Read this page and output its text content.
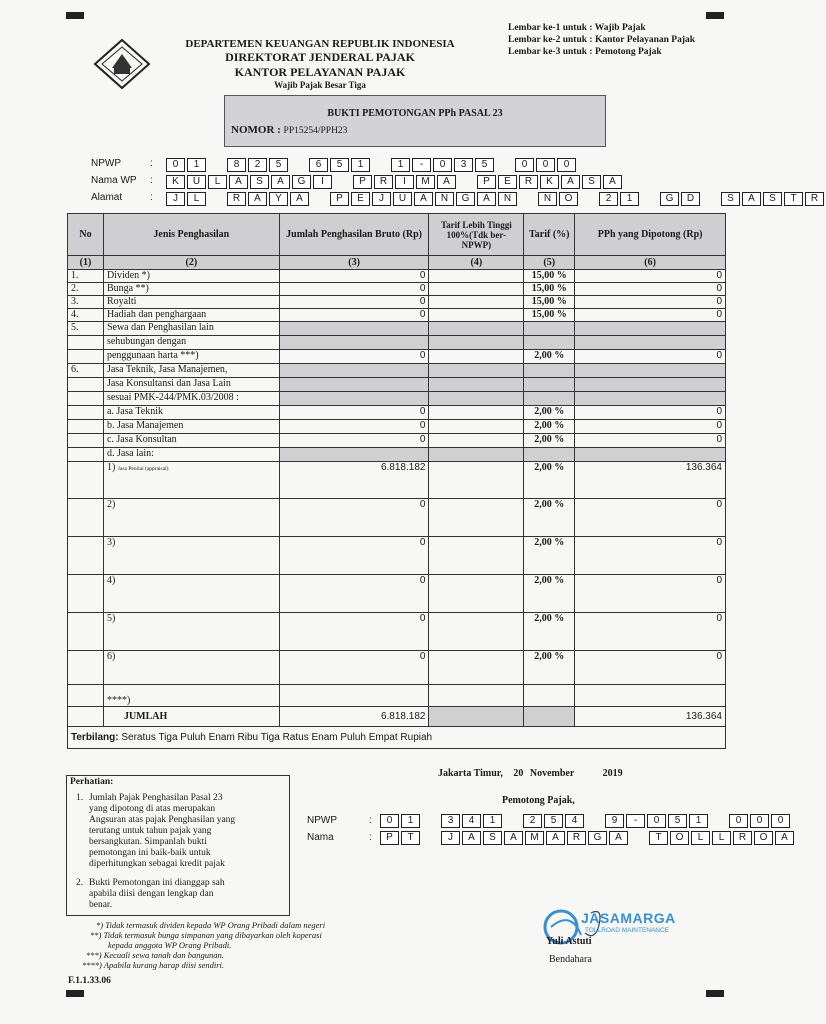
DEPARTEMEN KEUANGAN REPUBLIK INDONESIA
DIREKTORAT JENDERAL PAJAK
KANTOR PELAYANAN PAJAK
Wajib Pajak Besar Tiga
Lembar ke-1 untuk : Wajib Pajak
Lembar ke-2 untuk : Kantor Pelayanan Pajak
Lembar ke-3 untuk : Pemotong Pajak
BUKTI PEMOTONGAN PPh PASAL 23
NOMOR : PP15254/PPH23
NPWP	:	0	1	8	2	5	6	5	1	1	-	0	3	5	0	0	0
Nama WP :	K	U	L	A	S	A	G	I	P	R	I	M	A	P	E	R	K	A	S	A
Alamat	:	J	L	R	A	Y	A	P	E	J	U	A	N	G	A	N	N	O	2	1	G	D	S	A	S	T	R
No	Jenis Penghasilan	Jumlah Penghasilan Bruto (Rp)	Tarif Lebih Tinggi 100%(Tdk ber-NPWP)	Tarif (%)	PPh yang Dipotong (Rp)
(1)	(2)	(3)	(4)	(5)	(6)
1.	Dividen *)	0		15,00 %	0
2.	Bunga **)	0		15,00 %	0
3.	Royalti	0		15,00 %	0
4.	Hadiah dan penghargaan	0		15,00 %	0
5.	Sewa dan Penghasilan lain				
	sehubungan dengan				
	penggunaan harta ***)	0		2,00 %	0
6.	Jasa Teknik, Jasa Manajemen,				
	Jasa Konsultansi dan Jasa Lain				
	sesuai PMK-244/PMK.03/2008 :				
	a. Jasa Teknik	0		2,00 %	0
	b. Jasa Manajemen	0		2,00 %	0
	c. Jasa Konsultan	0		2,00 %	0
	d. Jasa lain:				
	1) Jasa Penilai (appraisal)	6.818.182		2,00 %	136.364
	2)	0		2,00 %	0
	3)	0		2,00 %	0
	4)	0		2,00 %	0
	5)	0		2,00 %	0
	6)	0		2,00 %	0
	****)				
	JUMLAH	6.818.182			136.364
Terbilang: Seratus Tiga Puluh Enam Ribu Tiga Ratus Enam Puluh Empat Rupiah					
Jakarta Timur, 20 November	2019
Perhatian:
1. Jumlah Pajak Penghasilan Pasal 23
yang dipotong di atas merupakan
Angsuran atas pajak Penghasilan yang
terutang untuk tahun pajak yang
bersangkutan. Simpanlah bukti
pemotongan ini baik-baik untuk
diperhitungkan sebagai kredit pajak
2. Bukti Pemotongan ini dianggap sah
apabila diisi dengan lengkap dan
benar.
Pemotong Pajak,
NPWP	:	0	1	3	4	1	2	5	4	9	-	0	5	1	0	0	0
Nama	:	P	T	J	A	S	A	M	A	R	G	A	T	O	L	L	R	O	A
JASAMARGA
TOLLROAD MAINTENANCE
Yuli Astuti
Bendahara
*) Tidak termasuk dividen kepada WP Orang Pribadi dalam negeri
**) Tidak termasuk bunga simpanan yang dibayarkan oleh koperasi
kepada anggota WP Orang Pribadi.
***) Kecuali sewa tanah dan bangunan.
****) Apabila kurang harap diisi sendiri.
F.1.1.33.06
